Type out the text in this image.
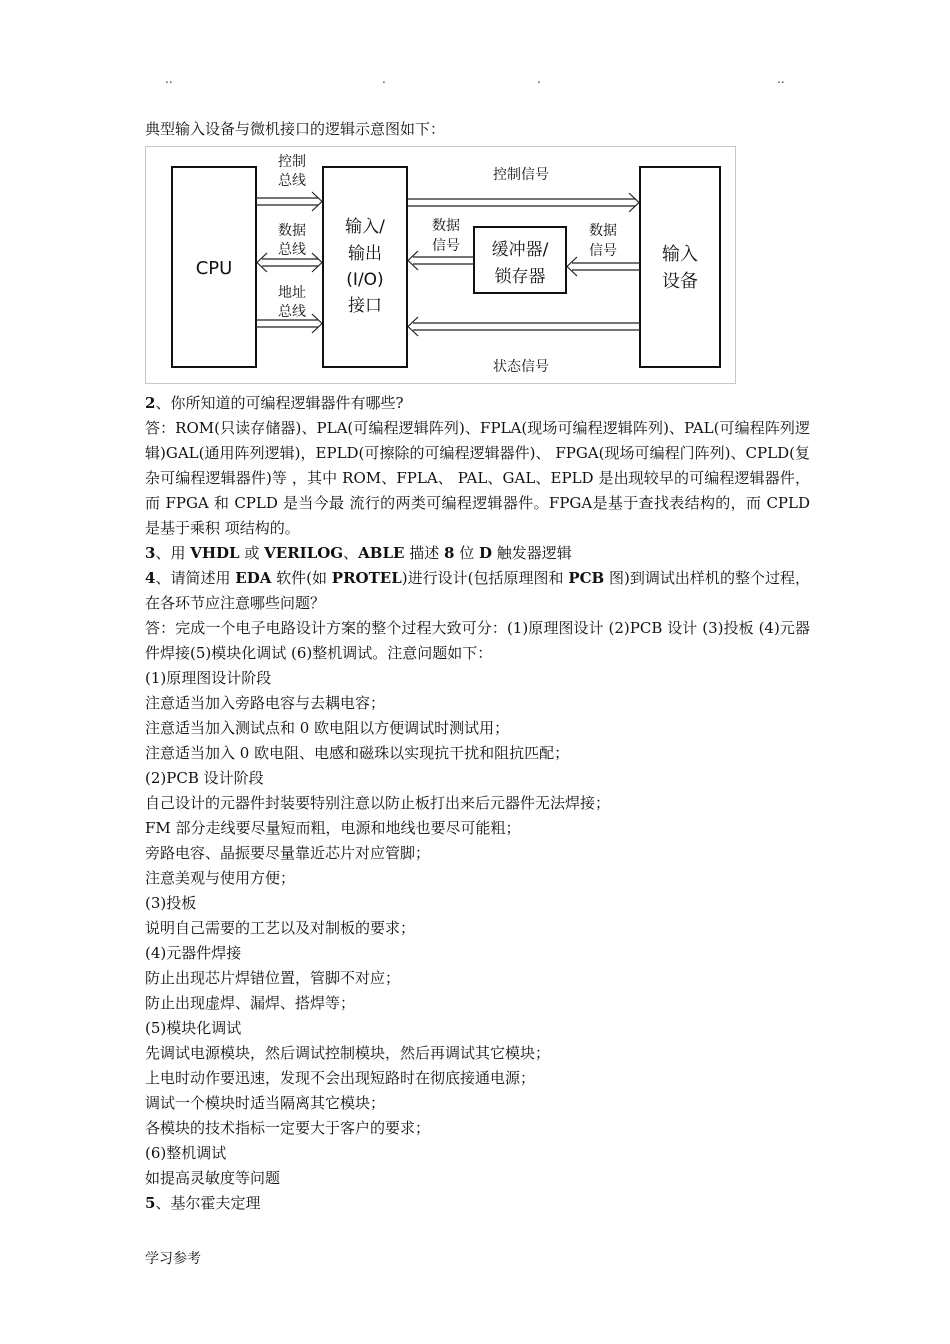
..	.	.	..
典型输入设备与微机接口的逻辑示意图如下：
CPU
输入/
输出
(I/O)
接口
缓冲器/
锁存器
输入
设备
控制
总线
数据
总线
地址
总线
控制信号
状态信号
数据
信号
数据
信号

2、你所知道的可编程逻辑器件有哪些?

答：ROM(只读存储器)、PLA(可编程逻辑阵列)、FPLA(现场可编程逻辑阵列)、PAL(可编程阵列逻辑)GAL(通用阵列逻辑)，EPLD(可擦除的可编程逻辑器件)、 FPGA(现场可编程门阵列)、CPLD(复杂可编程逻辑器件)等 ，其中 ROM、FPLA、 PAL、GAL、EPLD 是出现较早的可编程逻辑器件，而 FPGA 和 CPLD 是当今最 流行的两类可编程逻辑器件。FPGA是基于查找表结构的，而 CPLD 是基于乘积 项结构的。

3、用 VHDL 或 VERILOG、ABLE 描述 8 位 D 触发器逻辑

4、请简述用 EDA 软件(如 PROTEL)进行设计(包括原理图和 PCB 图)到调试出样机的整个过程，在各环节应注意哪些问题？

答：完成一个电子电路设计方案的整个过程大致可分：(1)原理图设计 (2)PCB 设计 (3)投板 (4)元器件焊接(5)模块化调试 (6)整机调试。注意问题如下：

(1)原理图设计阶段

注意适当加入旁路电容与去耦电容；

注意适当加入测试点和 0 欧电阻以方便调试时测试用；

注意适当加入 0 欧电阻、电感和磁珠以实现抗干扰和阻抗匹配；

(2)PCB 设计阶段

自己设计的元器件封装要特别注意以防止板打出来后元器件无法焊接；

FM 部分走线要尽量短而粗，电源和地线也要尽可能粗；

旁路电容、晶振要尽量靠近芯片对应管脚；

注意美观与使用方便；

(3)投板

说明自己需要的工艺以及对制板的要求；

(4)元器件焊接

防止出现芯片焊错位置，管脚不对应；

防止出现虚焊、漏焊、搭焊等；

(5)模块化调试

先调试电源模块，然后调试控制模块，然后再调试其它模块；

上电时动作要迅速，发现不会出现短路时在彻底接通电源；

调试一个模块时适当隔离其它模块；

各模块的技术指标一定要大于客户的要求；

(6)整机调试

如提高灵敏度等问题

5、基尔霍夫定理

学习参考
